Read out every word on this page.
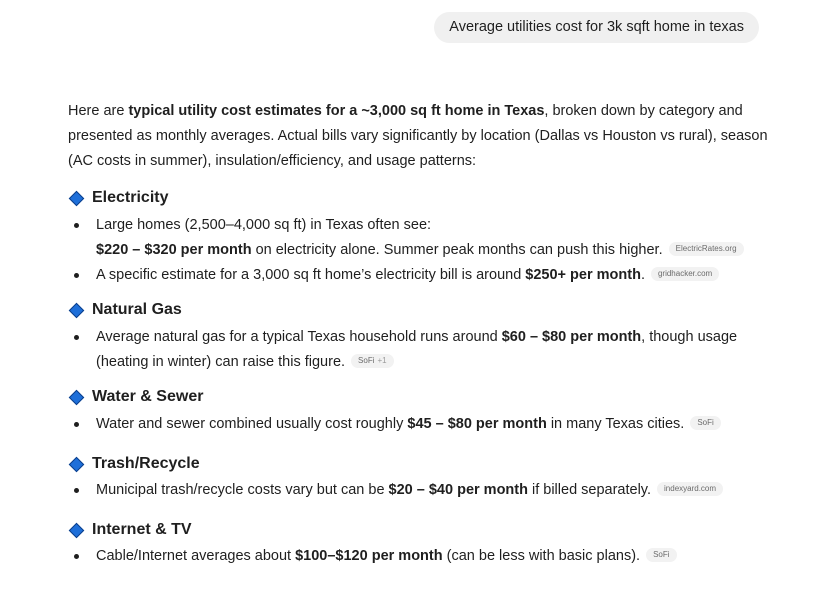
Average utilities cost for 3k sqft home in texas

Here are typical utility cost estimates for a ~3,000 sq ft home in Texas, broken down by category and presented as monthly averages. Actual bills vary significantly by location (Dallas vs Houston vs rural), season (AC costs in summer), insulation/efficiency, and usage patterns:

Electricity
Large homes (2,500–4,000 sq ft) in Texas often see:
$220 – $320 per month on electricity alone. Summer peak months can push this higher. ElectricRates.org
A specific estimate for a 3,000 sq ft home’s electricity bill is around $250+ per month. gridhacker.com
Natural Gas
Average natural gas for a typical Texas household runs around $60 – $80 per month, though usage (heating in winter) can raise this figure. SoFi +1
Water & Sewer
Water and sewer combined usually cost roughly $45 – $80 per month in many Texas cities. SoFi
Trash/Recycle
Municipal trash/recycle costs vary but can be $20 – $40 per month if billed separately. indexyard.com
Internet & TV
Cable/Internet averages about $100–$120 per month (can be less with basic plans). SoFi
